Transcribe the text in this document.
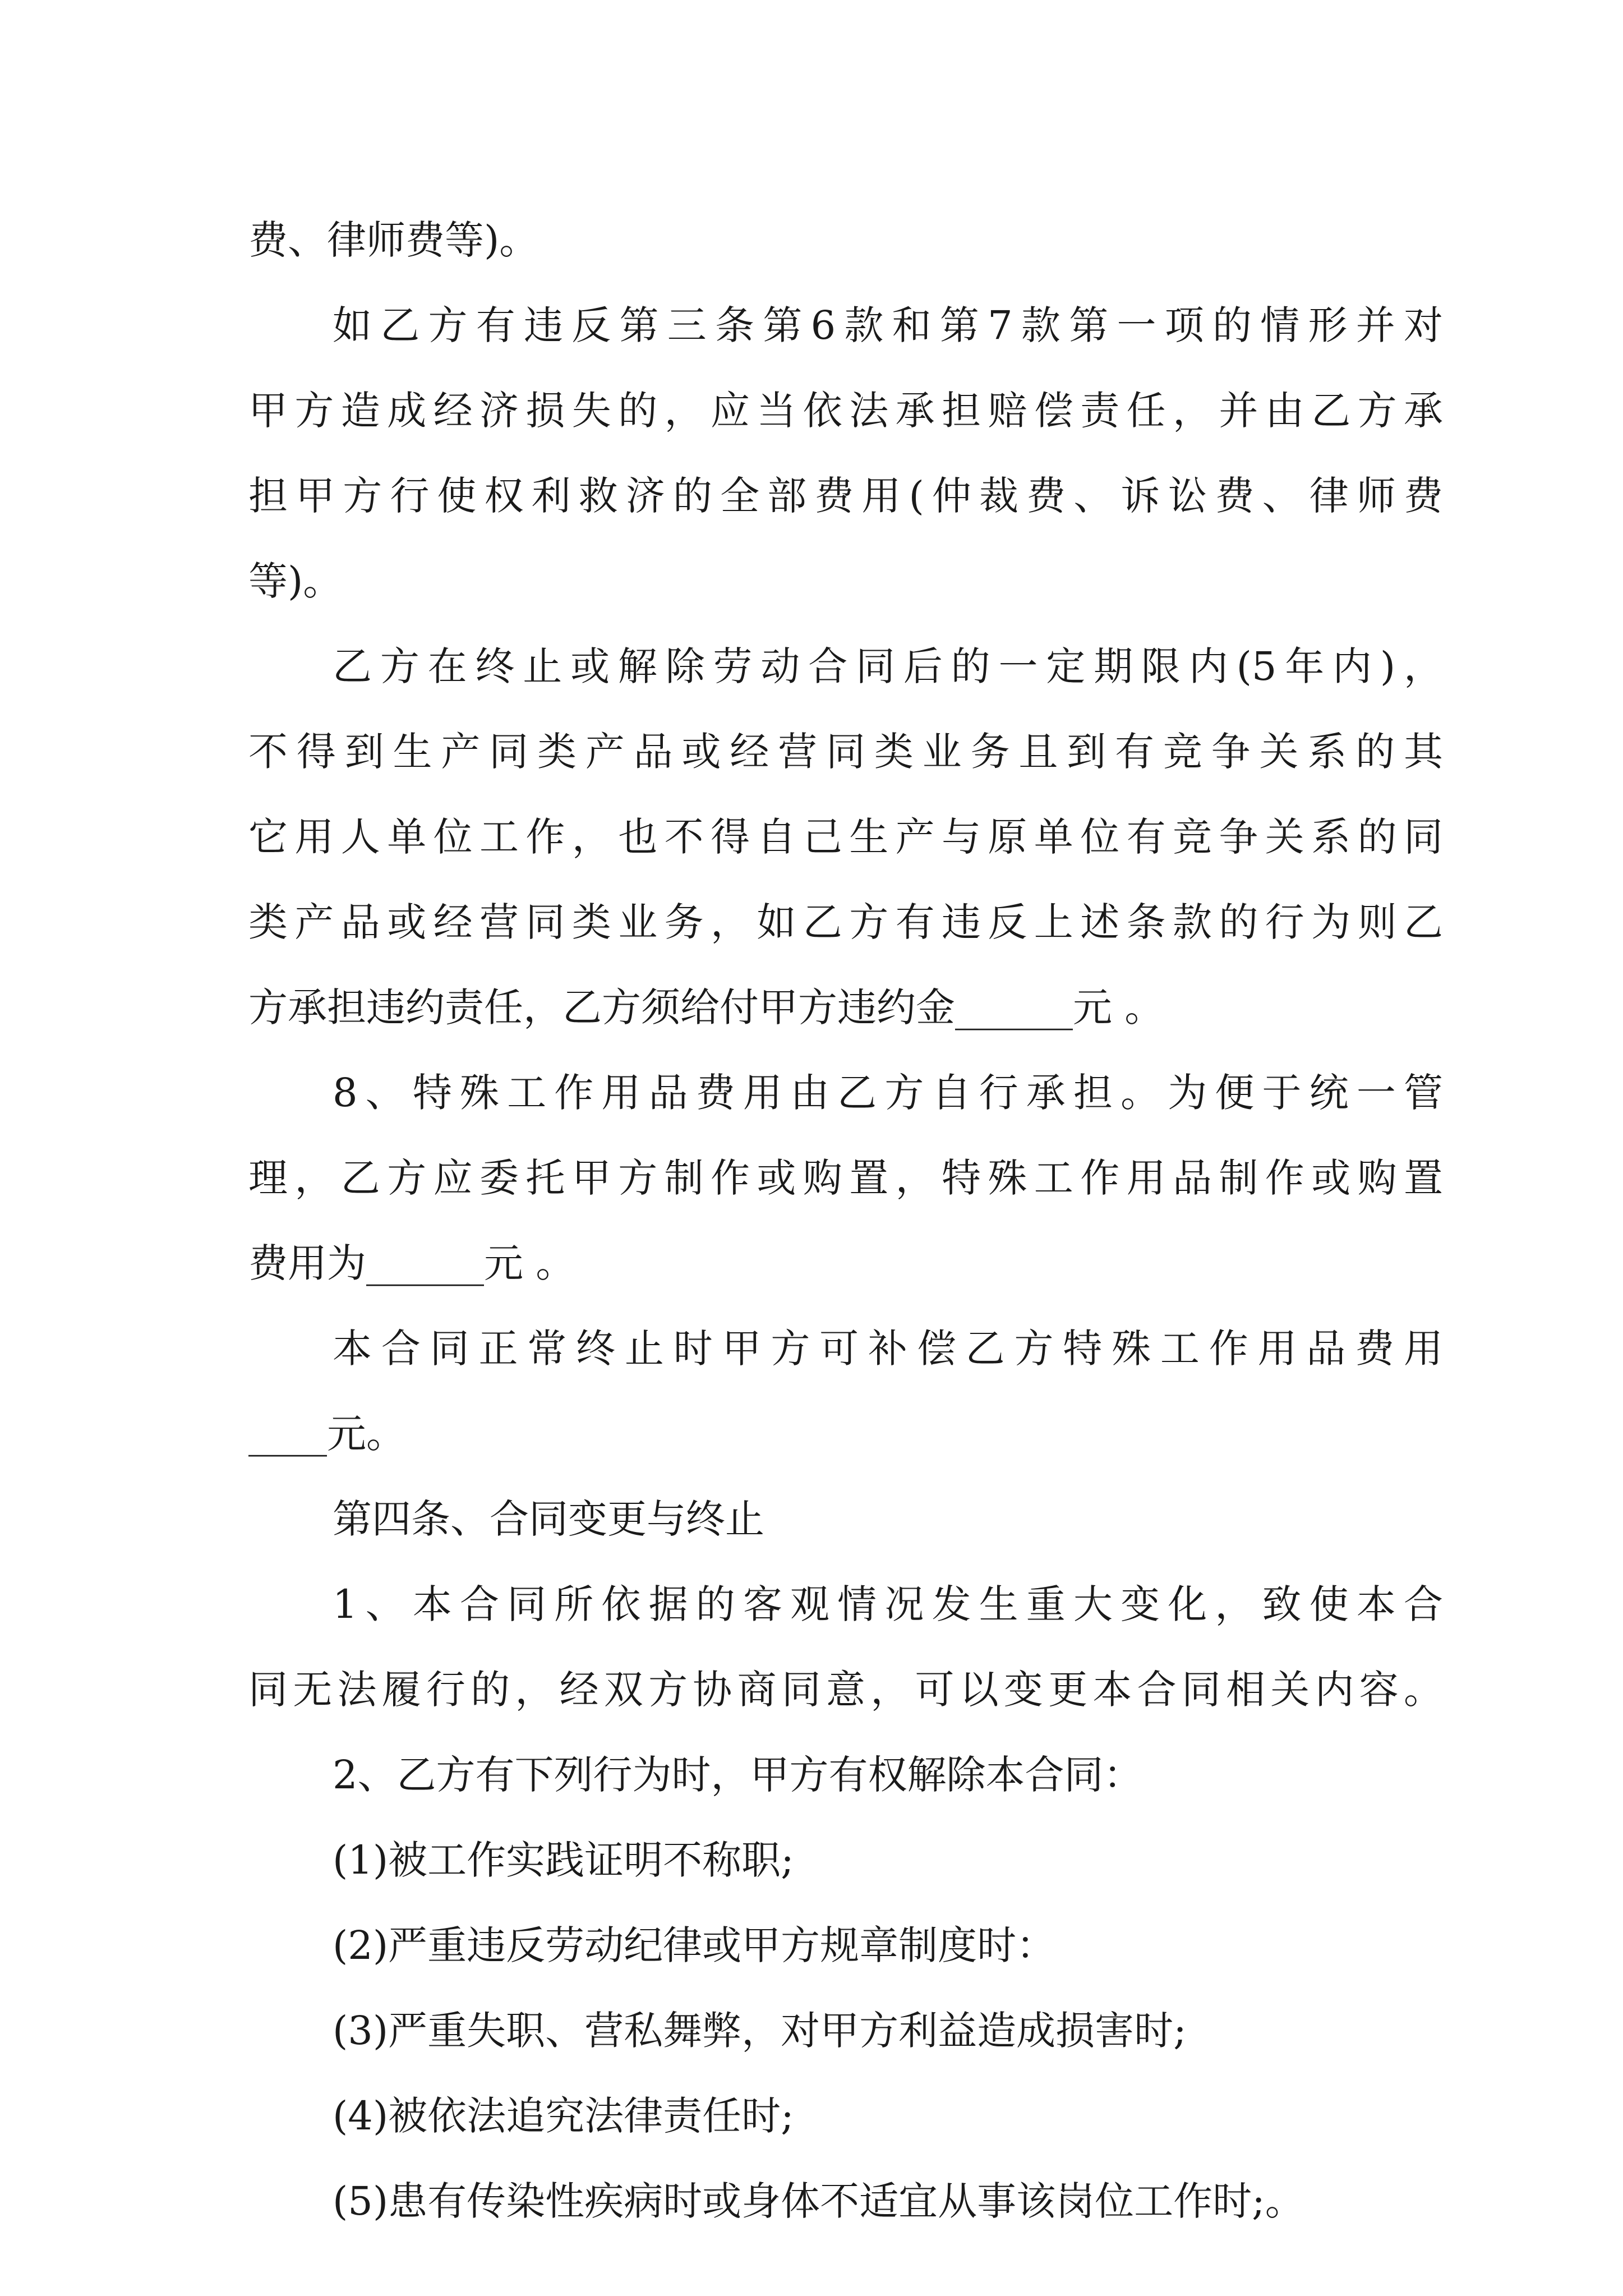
费、律师费等)。
如乙方有违反第三条第6款和第7款第一项的情形并对
甲方造成经济损失的，应当依法承担赔偿责任，并由乙方承
担甲方行使权利救济的全部费用(仲裁费、诉讼费、律师费
等)。
乙方在终止或解除劳动合同后的一定期限内(5年内)，
不得到生产同类产品或经营同类业务且到有竞争关系的其
它用人单位工作，也不得自己生产与原单位有竞争关系的同
类产品或经营同类业务，如乙方有违反上述条款的行为则乙
方承担违约责任，乙方须给付甲方违约金______元 。
8、特殊工作用品费用由乙方自行承担。为便于统一管
理，乙方应委托甲方制作或购置，特殊工作用品制作或购置
费用为______元 。
本合同正常终止时甲方可补偿乙方特殊工作用品费用
____元。
第四条、合同变更与终止
1、本合同所依据的客观情况发生重大变化，致使本合
同无法履行的，经双方协商同意，可以变更本合同相关内容。
2、乙方有下列行为时，甲方有权解除本合同：
(1)被工作实践证明不称职;
(2)严重违反劳动纪律或甲方规章制度时：
(3)严重失职、营私舞弊，对甲方利益造成损害时;
(4)被依法追究法律责任时;
(5)患有传染性疾病时或身体不适宜从事该岗位工作时;。
